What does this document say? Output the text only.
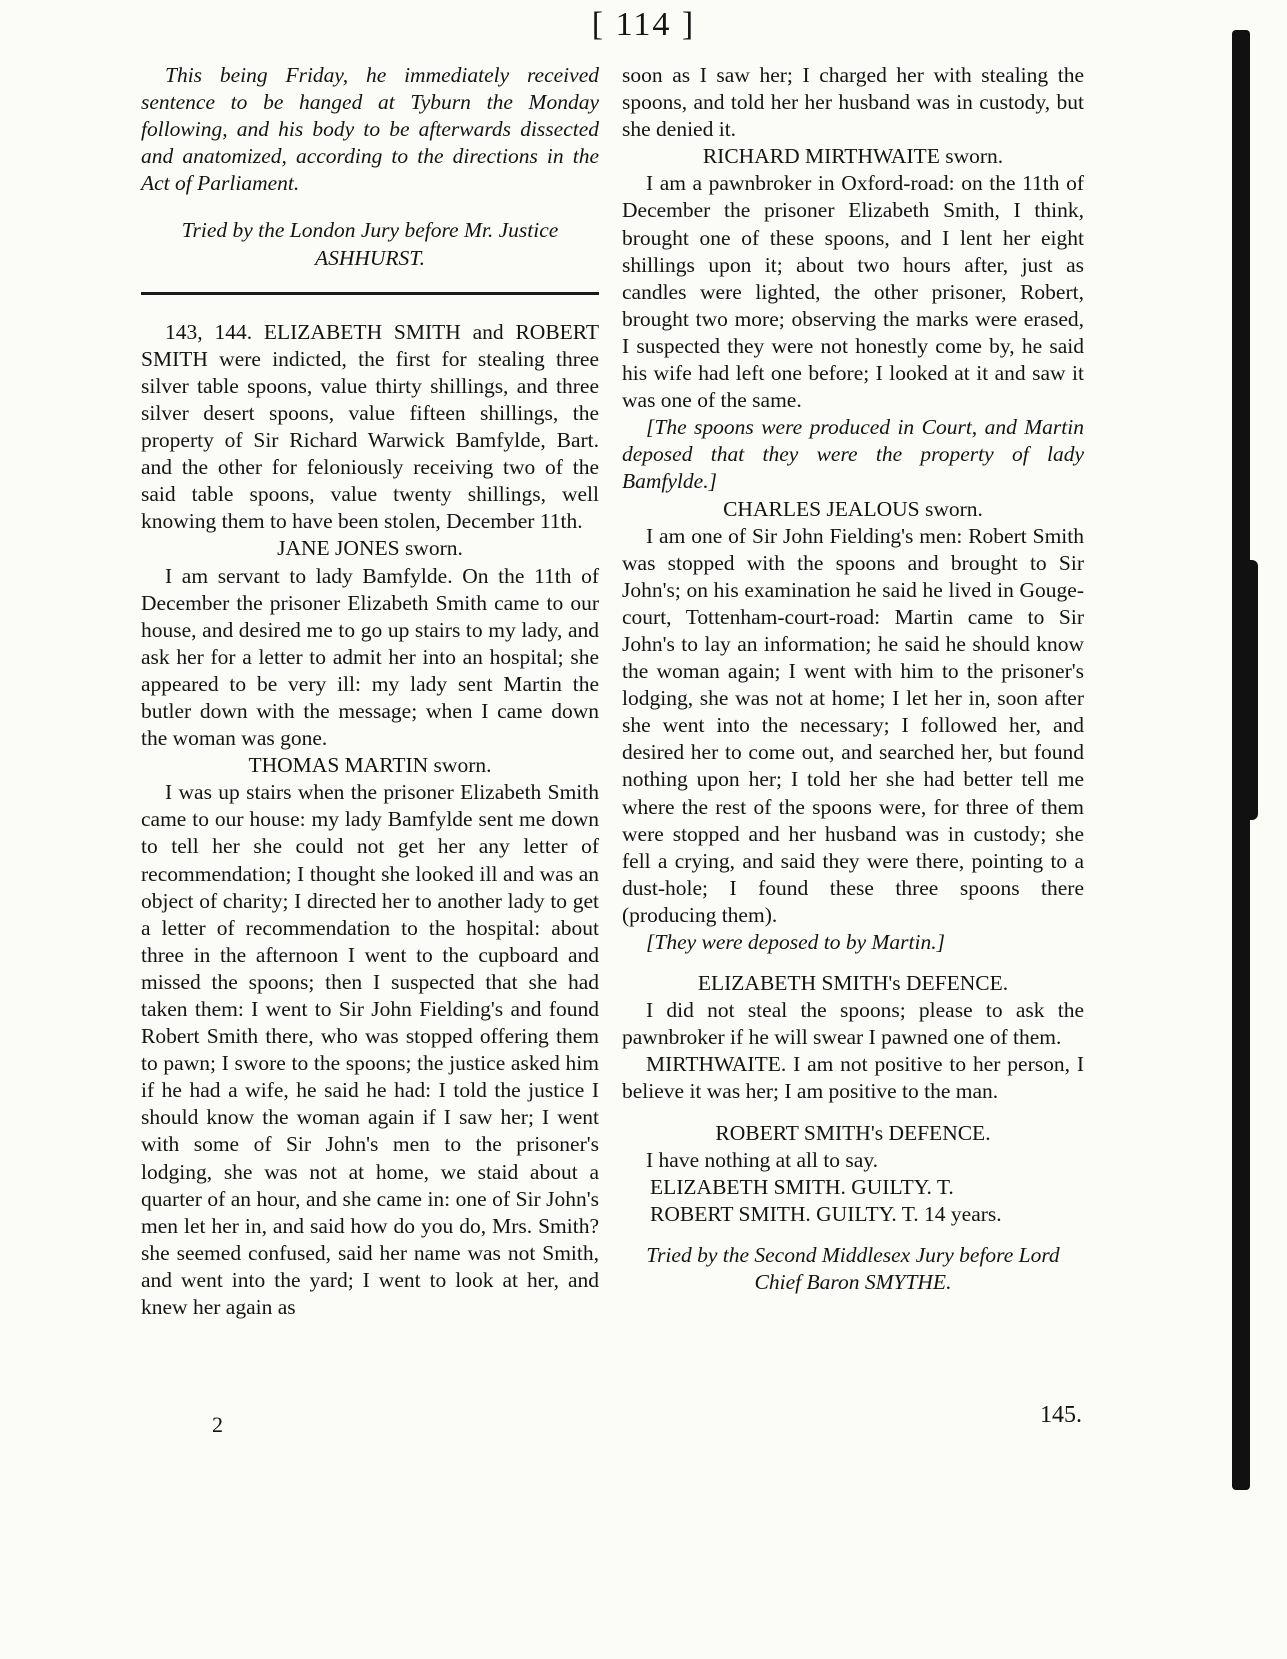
[ 114 ]

This being Friday, he immediately received sentence to be hanged at Tyburn the Monday following, and his body to be afterwards dissected and anatomized, according to the directions in the Act of Parliament.

Tried by the London Jury before Mr. Justice ASHHURST.

143, 144. ELIZABETH SMITH and ROBERT SMITH were indicted, the first for stealing three silver table spoons, value thirty shillings, and three silver desert spoons, value fifteen shillings, the property of Sir Richard Warwick Bamfylde, Bart. and the other for feloniously receiving two of the said table spoons, value twenty shillings, well knowing them to have been stolen, December 11th.

JANE JONES sworn.

I am servant to lady Bamfylde. On the 11th of December the prisoner Elizabeth Smith came to our house, and desired me to go up stairs to my lady, and ask her for a letter to admit her into an hospital; she appeared to be very ill: my lady sent Martin the butler down with the message; when I came down the woman was gone.

THOMAS MARTIN sworn.

I was up stairs when the prisoner Elizabeth Smith came to our house: my lady Bamfylde sent me down to tell her she could not get her any letter of recommendation; I thought she looked ill and was an object of charity; I directed her to another lady to get a letter of recommendation to the hospital: about three in the afternoon I went to the cupboard and missed the spoons; then I suspected that she had taken them: I went to Sir John Fielding's and found Robert Smith there, who was stopped offering them to pawn; I swore to the spoons; the justice asked him if he had a wife, he said he had: I told the justice I should know the woman again if I saw her; I went with some of Sir John's men to the prisoner's lodging, she was not at home, we staid about a quarter of an hour, and she came in: one of Sir John's men let her in, and said how do you do, Mrs. Smith? she seemed confused, said her name was not Smith, and went into the yard; I went to look at her, and knew her again as

2

soon as I saw her; I charged her with stealing the spoons, and told her her husband was in custody, but she denied it.

RICHARD MIRTHWAITE sworn.

I am a pawnbroker in Oxford-road: on the 11th of December the prisoner Elizabeth Smith, I think, brought one of these spoons, and I lent her eight shillings upon it; about two hours after, just as candles were lighted, the other prisoner, Robert, brought two more; observing the marks were erased, I suspected they were not honestly come by, he said his wife had left one before; I looked at it and saw it was one of the same.

[The spoons were produced in Court, and Martin deposed that they were the property of lady Bamfylde.]

CHARLES JEALOUS sworn.

I am one of Sir John Fielding's men: Robert Smith was stopped with the spoons and brought to Sir John's; on his examination he said he lived in Gouge-court, Tottenham-court-road: Martin came to Sir John's to lay an information; he said he should know the woman again; I went with him to the prisoner's lodging, she was not at home; I let her in, soon after she went into the necessary; I followed her, and desired her to come out, and searched her, but found nothing upon her; I told her she had better tell me where the rest of the spoons were, for three of them were stopped and her husband was in custody; she fell a crying, and said they were there, pointing to a dust-hole; I found these three spoons there (producing them).

[They were deposed to by Martin.]

ELIZABETH SMITH's DEFENCE.

I did not steal the spoons; please to ask the pawnbroker if he will swear I pawned one of them.

MIRTHWAITE. I am not positive to her person, I believe it was her; I am positive to the man.

ROBERT SMITH's DEFENCE.

I have nothing at all to say.

ELIZABETH SMITH. GUILTY. T.

ROBERT SMITH. GUILTY. T. 14 years.

Tried by the Second Middlesex Jury before Lord Chief Baron SMYTHE.

145.
